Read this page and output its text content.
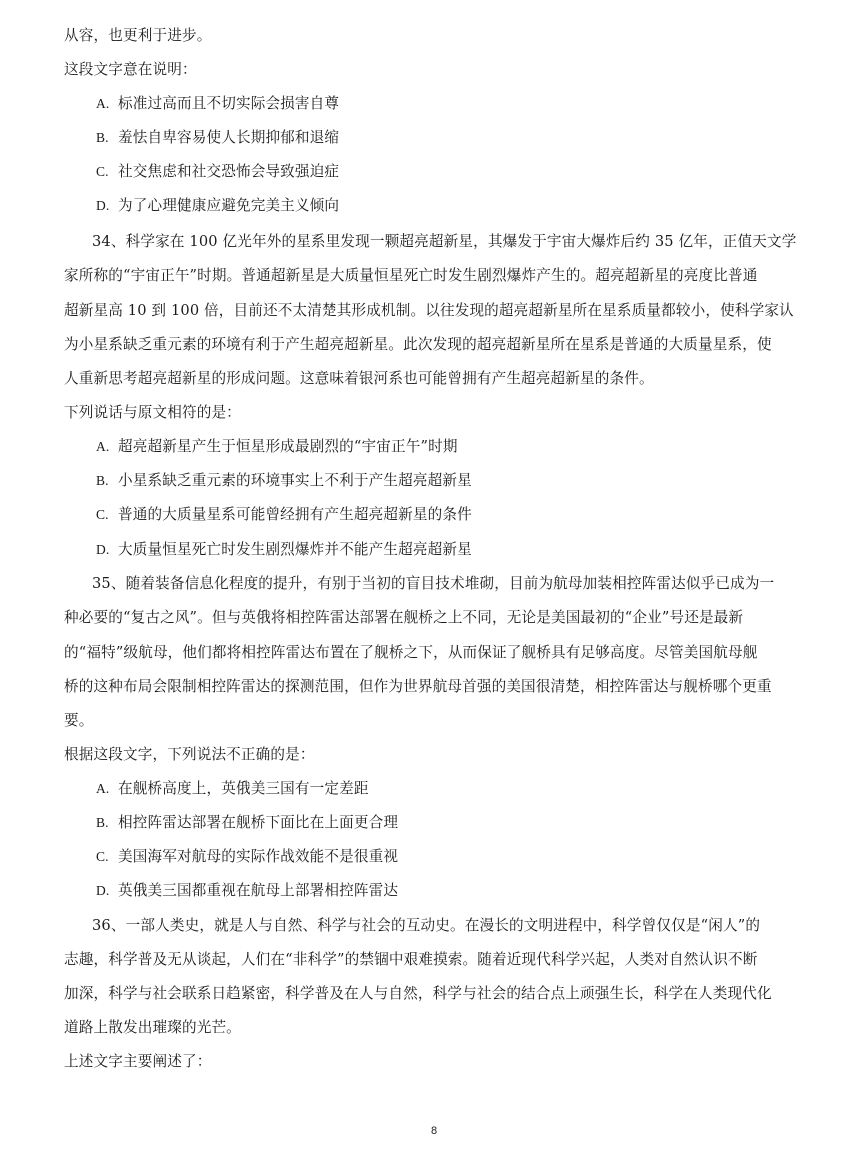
从容，也更利于进步。
这段文字意在说明：
A. 标准过高而且不切实际会损害自尊
B. 羞怯自卑容易使人长期抑郁和退缩
C. 社交焦虑和社交恐怖会导致强迫症
D. 为了心理健康应避免完美主义倾向
34、科学家在 100 亿光年外的星系里发现一颗超亮超新星，其爆发于宇宙大爆炸后约 35 亿年，正值天文学
家所称的“宇宙正午”时期。普通超新星是大质量恒星死亡时发生剧烈爆炸产生的。超亮超新星的亮度比普通
超新星高 10 到 100 倍，目前还不太清楚其形成机制。以往发现的超亮超新星所在星系质量都较小，使科学家认
为小星系缺乏重元素的环境有利于产生超亮超新星。此次发现的超亮超新星所在星系是普通的大质量星系，使
人重新思考超亮超新星的形成问题。这意味着银河系也可能曾拥有产生超亮超新星的条件。
下列说话与原文相符的是：
A. 超亮超新星产生于恒星形成最剧烈的“宇宙正午”时期
B. 小星系缺乏重元素的环境事实上不利于产生超亮超新星
C. 普通的大质量星系可能曾经拥有产生超亮超新星的条件
D. 大质量恒星死亡时发生剧烈爆炸并不能产生超亮超新星
35、随着装备信息化程度的提升，有别于当初的盲目技术堆砌，目前为航母加装相控阵雷达似乎已成为一
种必要的“复古之风”。但与英俄将相控阵雷达部署在舰桥之上不同，无论是美国最初的“企业”号还是最新
的“福特”级航母，他们都将相控阵雷达布置在了舰桥之下，从而保证了舰桥具有足够高度。尽管美国航母舰
桥的这种布局会限制相控阵雷达的探测范围，但作为世界航母首强的美国很清楚，相控阵雷达与舰桥哪个更重
要。
根据这段文字，下列说法不正确的是：
A. 在舰桥高度上，英俄美三国有一定差距
B. 相控阵雷达部署在舰桥下面比在上面更合理
C. 美国海军对航母的实际作战效能不是很重视
D. 英俄美三国都重视在航母上部署相控阵雷达
36、一部人类史，就是人与自然、科学与社会的互动史。在漫长的文明进程中，科学曾仅仅是“闲人”的
志趣，科学普及无从谈起，人们在“非科学”的禁锢中艰难摸索。随着近现代科学兴起，人类对自然认识不断
加深，科学与社会联系日趋紧密，科学普及在人与自然，科学与社会的结合点上顽强生长，科学在人类现代化
道路上散发出璀璨的光芒。
上述文字主要阐述了：
8
